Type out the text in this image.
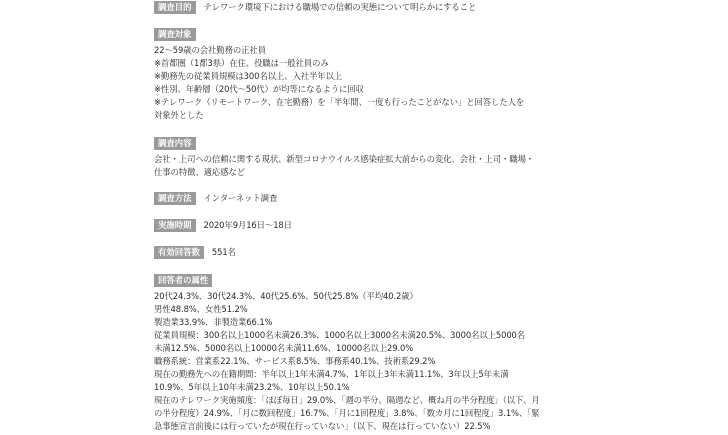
調査目的	テレワーク環境下における職場での信頼の実態について明らかにすること
調査対象
22〜59歳の会社勤務の正社員
※首都圏（1都3県）在住、役職は一般社員のみ
※勤務先の従業員規模は300名以上、入社半年以上
※性別、年齢層（20代〜50代）が均等になるように回収
※テレワーク（リモートワーク、在宅勤務）を「半年間、一度も行ったことがない」と回答した人を
対象外とした
調査内容
会社・上司への信頼に関する現状、新型コロナウイルス感染症拡大前からの変化、会社・上司・職場・
仕事の特徴、適応感など
調査方法	インターネット調査
実施時期	2020年9月16日〜18日
有効回答数	551名
回答者の属性
20代24.3%、30代24.3%、40代25.6%、50代25.8%（平均40.2歳）
男性48.8%、女性51.2%
製造業33.9%、非製造業66.1%
従業員規模：300名以上1000名未満26.3%、1000名以上3000名未満20.5%、3000名以上5000名
未満12.5%、5000名以上10000名未満11.6%、10000名以上29.0%
職務系統：営業系22.1%、サービス系8.5%、事務系40.1%、技術系29.2%
現在の勤務先への在籍期間：半年以上1年未満4.7%、1年以上3年未満11.1%、3年以上5年未満
10.9%、5年以上10年未満23.2%、10年以上50.1%
現在のテレワーク実施頻度：「ほぼ毎日」29.0%、「週の半分、隔週など、概ね月の半分程度」（以下、月
の半分程度）24.9%、「月に数回程度」16.7%、「月に1回程度」3.8%、「数カ月に1回程度」3.1%、「緊
急事態宣言前後には行っていたが現在行っていない」（以下、現在は行っていない）22.5%
